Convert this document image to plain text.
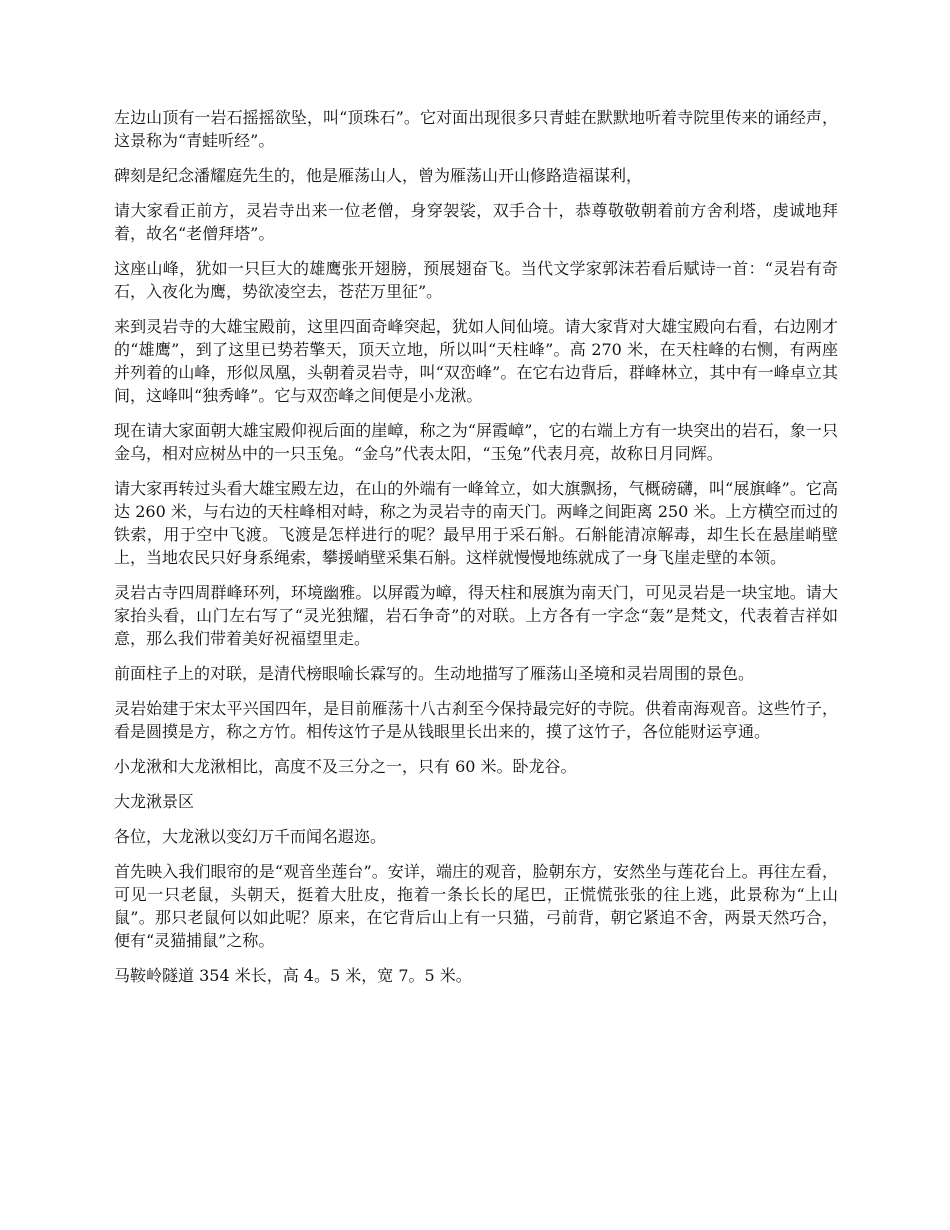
左边山顶有一岩石摇摇欲坠，叫“顶珠石”。它对面出现很多只青蛙在默默地听着寺院里传来的诵经声，这景称为“青蛙听经”。

碑刻是纪念潘耀庭先生的，他是雁荡山人，曾为雁荡山开山修路造福谋利，

请大家看正前方，灵岩寺出来一位老僧，身穿袈裟，双手合十，恭尊敬敬朝着前方舍利塔，虔诚地拜着，故名“老僧拜塔”。

这座山峰，犹如一只巨大的雄鹰张开翅膀，预展翅奋飞。当代文学家郭沫若看后赋诗一首：“灵岩有奇石，入夜化为鹰，势欲凌空去，苍茫万里征”。

来到灵岩寺的大雄宝殿前，这里四面奇峰突起，犹如人间仙境。请大家背对大雄宝殿向右看，右边刚才的“雄鹰”，到了这里已势若擎天，顶天立地，所以叫“天柱峰”。高 270 米，在天柱峰的右恻，有两座并列着的山峰，形似凤凰，头朝着灵岩寺，叫“双峦峰”。在它右边背后，群峰林立，其中有一峰卓立其间，这峰叫“独秀峰”。它与双峦峰之间便是小龙湫。

现在请大家面朝大雄宝殿仰视后面的崖嶂，称之为“屏霞嶂”，它的右端上方有一块突出的岩石，象一只金乌，相对应树丛中的一只玉兔。“金乌”代表太阳，“玉兔”代表月亮，故称日月同辉。

请大家再转过头看大雄宝殿左边，在山的外端有一峰耸立，如大旗飘扬，气概磅礴，叫“展旗峰”。它高达 260 米，与右边的天柱峰相对峙，称之为灵岩寺的南天门。两峰之间距离 250 米。上方横空而过的铁索，用于空中飞渡。飞渡是怎样进行的呢？最早用于采石斛。石斛能清凉解毒，却生长在悬崖峭壁上，当地农民只好身系绳索，攀援峭壁采集石斛。这样就慢慢地练就成了一身飞崖走壁的本领。

灵岩古寺四周群峰环列，环境幽雅。以屏霞为嶂，得天柱和展旗为南天门，可见灵岩是一块宝地。请大家抬头看，山门左右写了“灵光独耀，岩石争奇”的对联。上方各有一字念“轰”是梵文，代表着吉祥如意，那么我们带着美好祝福望里走。

前面柱子上的对联，是清代榜眼喻长霖写的。生动地描写了雁荡山圣境和灵岩周围的景色。

灵岩始建于宋太平兴国四年，是目前雁荡十八古刹至今保持最完好的寺院。供着南海观音。这些竹子，看是圆摸是方，称之方竹。相传这竹子是从钱眼里长出来的，摸了这竹子，各位能财运亨通。

小龙湫和大龙湫相比，高度不及三分之一，只有 60 米。卧龙谷。

大龙湫景区

各位，大龙湫以变幻万千而闻名遐迩。

首先映入我们眼帘的是“观音坐莲台”。安详，端庄的观音，脸朝东方，安然坐与莲花台上。再往左看，可见一只老鼠，头朝天，挺着大肚皮，拖着一条长长的尾巴，正慌慌张张的往上逃，此景称为“上山鼠”。那只老鼠何以如此呢？原来，在它背后山上有一只猫，弓前背，朝它紧追不舍，两景天然巧合，便有“灵猫捕鼠”之称。

马鞍岭隧道 354 米长，高 4。5 米，宽 7。5 米。
